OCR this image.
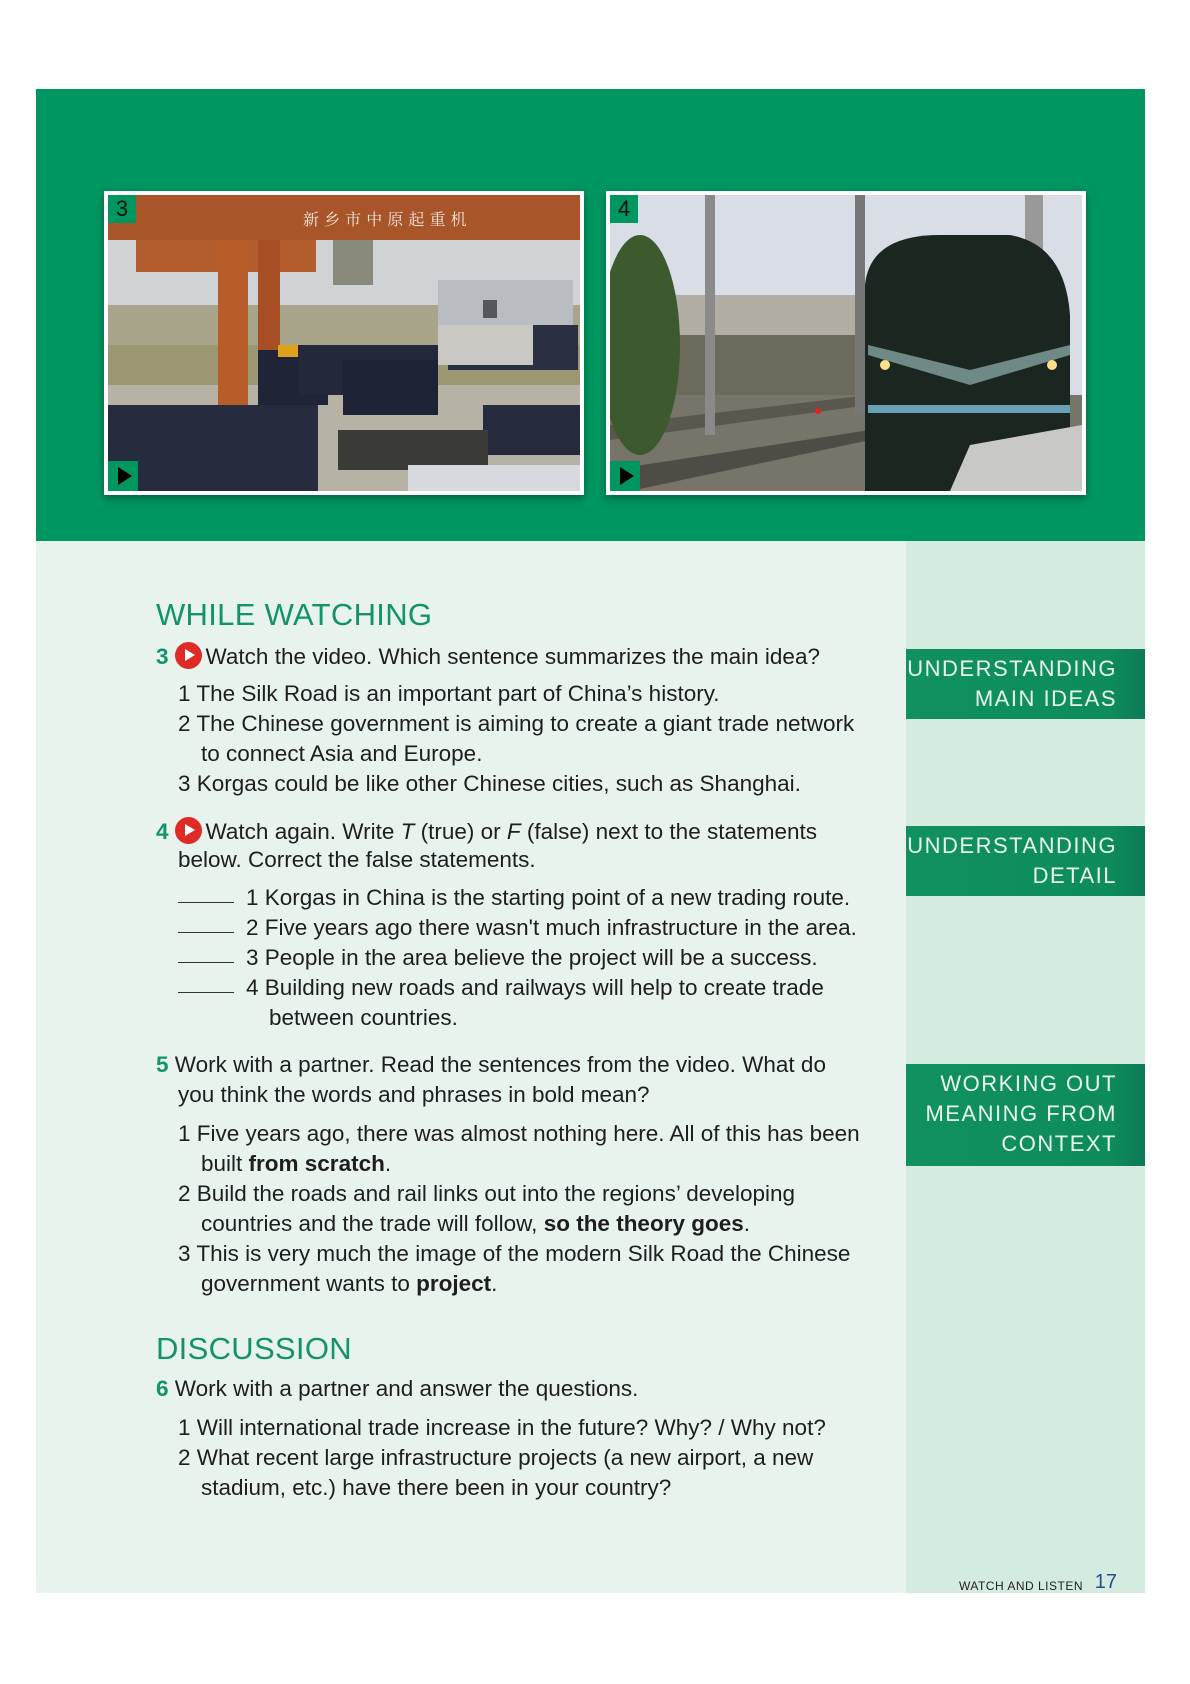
新 乡 市 中 原 起 重 机
3	4
UNDERSTANDING
MAIN IDEAS
UNDERSTANDING
DETAIL
WORKING OUT
MEANING FROM
CONTEXT
WHILE WATCHING
3 Watch the video. Which sentence summarizes the main idea?
1 The Silk Road is an important part of China’s history.
2 The Chinese government is aiming to create a giant trade network
to connect Asia and Europe.
3 Korgas could be like other Chinese cities, such as Shanghai.
4 Watch again. Write T (true) or F (false) next to the statements
below. Correct the false statements.
1 Korgas in China is the starting point of a new trading route.
2 Five years ago there wasn't much infrastructure in the area.
3 People in the area believe the project will be a success.
4 Building new roads and railways will help to create trade
between countries.
5 Work with a partner. Read the sentences from the video. What do
you think the words and phrases in bold mean?
1 Five years ago, there was almost nothing here. All of this has been
built from scratch.
2 Build the roads and rail links out into the regions’ developing
countries and the trade will follow, so the theory goes.
3 This is very much the image of the modern Silk Road the Chinese
government wants to project.
DISCUSSION
6 Work with a partner and answer the questions.
1 Will international trade increase in the future? Why? / Why not?
2 What recent large infrastructure projects (a new airport, a new
stadium, etc.) have there been in your country?
WATCH AND LISTEN 17
